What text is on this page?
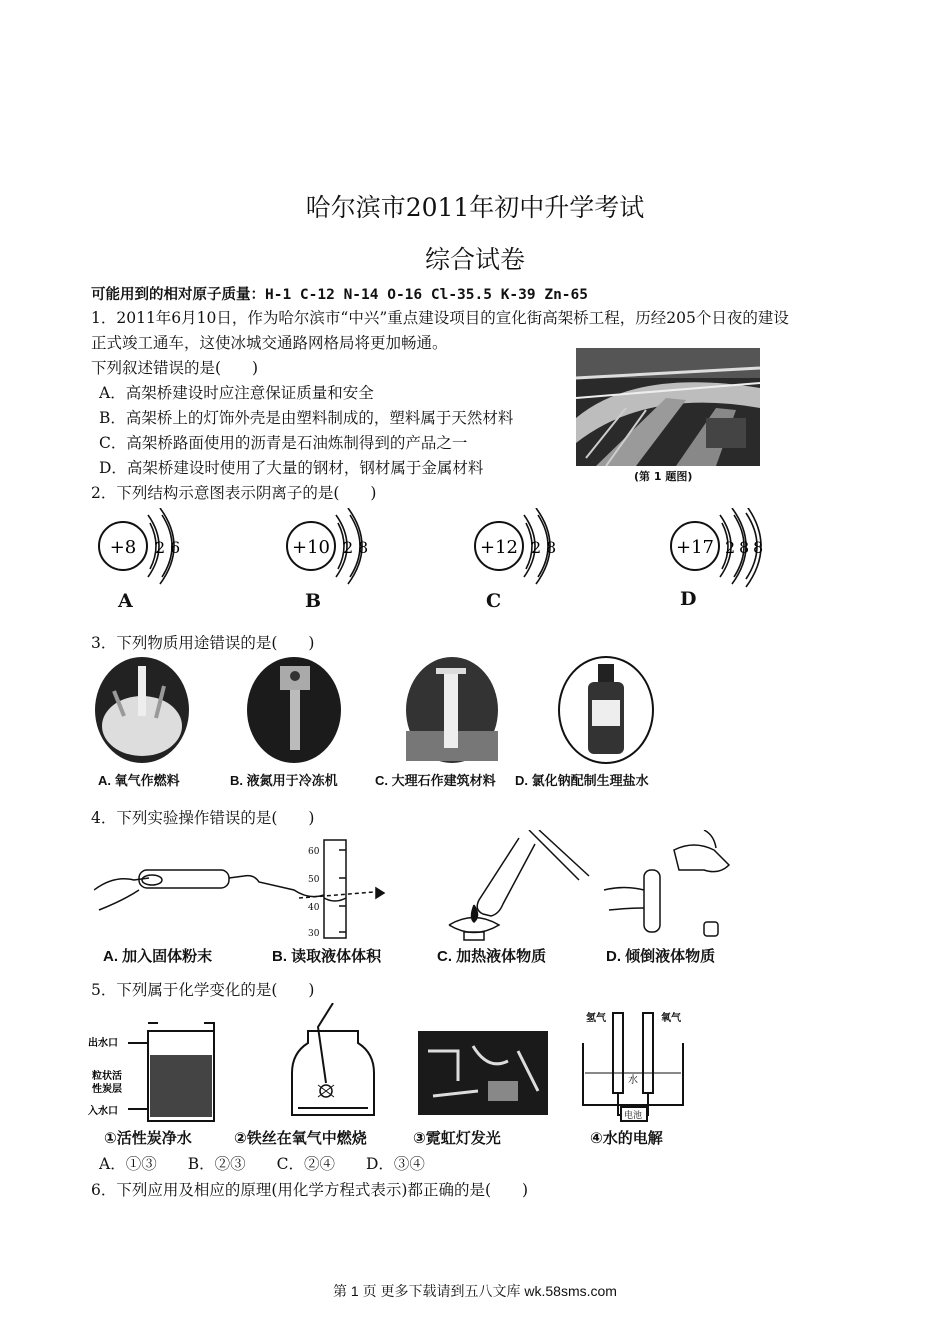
哈尔滨市2011年初中升学考试
综合试卷
可能用到的相对原子质量：H-1 C-12 N-14 O-16 Cl-35.5 K-39 Zn-65
1．2011年6月10日，作为哈尔滨市“中兴”重点建设项目的宣化街高架桥工程，历经205个日夜的建设
正式竣工通车，这使冰城交通路网格局将更加畅通。
下列叙述错误的是(　　)
A．高架桥建设时应注意保证质量和安全
B．高架桥上的灯饰外壳是由塑料制成的，塑料属于天然材料
C．高架桥路面使用的沥青是石油炼制得到的产品之一
D．高架桥建设时使用了大量的钢材，钢材属于金属材料	(第 1 题图)
2．下列结构示意图表示阴离子的是(　　)
+8 2 6	+10 2 8	+12 2 8	+17 2 8 8
A	B	C	D
3．下列物质用途错误的是(　　)
A. 氧气作燃料	B. 液氮用于冷冻机	C. 大理石作建筑材料 D. 氯化钠配制生理盐水
4．下列实验操作错误的是(　　)
60
50
40
30
A. 加入固体粉末	B. 读取液体体积	C. 加热液体物质	D. 倾倒液体物质
5．下列属于化学变化的是(　　)
出水口
粒状活
性炭层
入水口
氢气	氧气
水
电池
①活性炭净水	②铁丝在氧气中燃烧	③霓虹灯发光	④水的电解
A．①③　　B．②③　　C．②④　　D．③④
6．下列应用及相应的原理(用化学方程式表示)都正确的是(　　)
第 1 页 更多下载请到五八文库 wk.58sms.com
